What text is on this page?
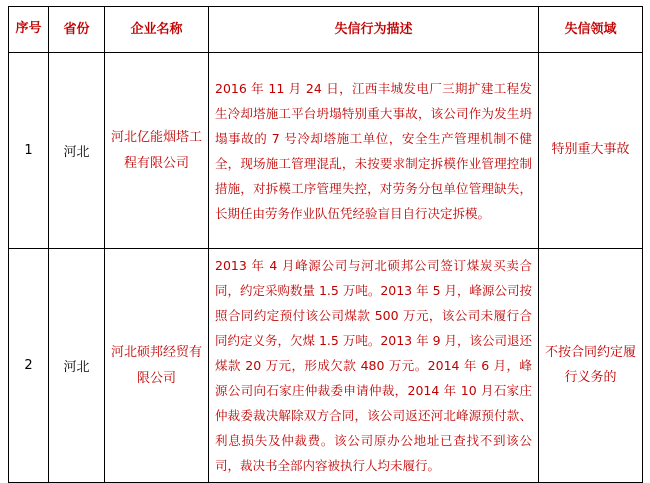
序号	省份	企业名称	失信行为描述	失信领域
1	河北	河北亿能烟塔工程有限公司	2016 年 11 月 24 日，江西丰城发电厂三期扩建工程发生冷却塔施工平台坍塌特别重大事故，该公司作为发生坍塌事故的 7 号冷却塔施工单位，安全生产管理机制不健全，现场施工管理混乱，未按要求制定拆模作业管理控制措施，对拆模工序管理失控，对劳务分包单位管理缺失，长期任由劳务作业队伍凭经验盲目自行决定拆模。	特别重大事故
2	河北	河北硕邦经贸有限公司	2013 年 4 月峰源公司与河北硕邦公司签订煤炭买卖合同，约定采购数量 1.5 万吨。2013 年 5 月，峰源公司按照合同约定预付该公司煤款 500 万元，该公司未履行合同约定义务，欠煤 1.5 万吨。2013 年 9 月，该公司退还煤款 20 万元，形成欠款 480 万元。2014 年 6 月，峰源公司向石家庄仲裁委申请仲裁，2014 年 10 月石家庄仲裁委裁决解除双方合同，该公司返还河北峰源预付款、利息损失及仲裁费。该公司原办公地址已查找不到该公司，裁决书全部内容被执行人均未履行。	不按合同约定履行义务的
